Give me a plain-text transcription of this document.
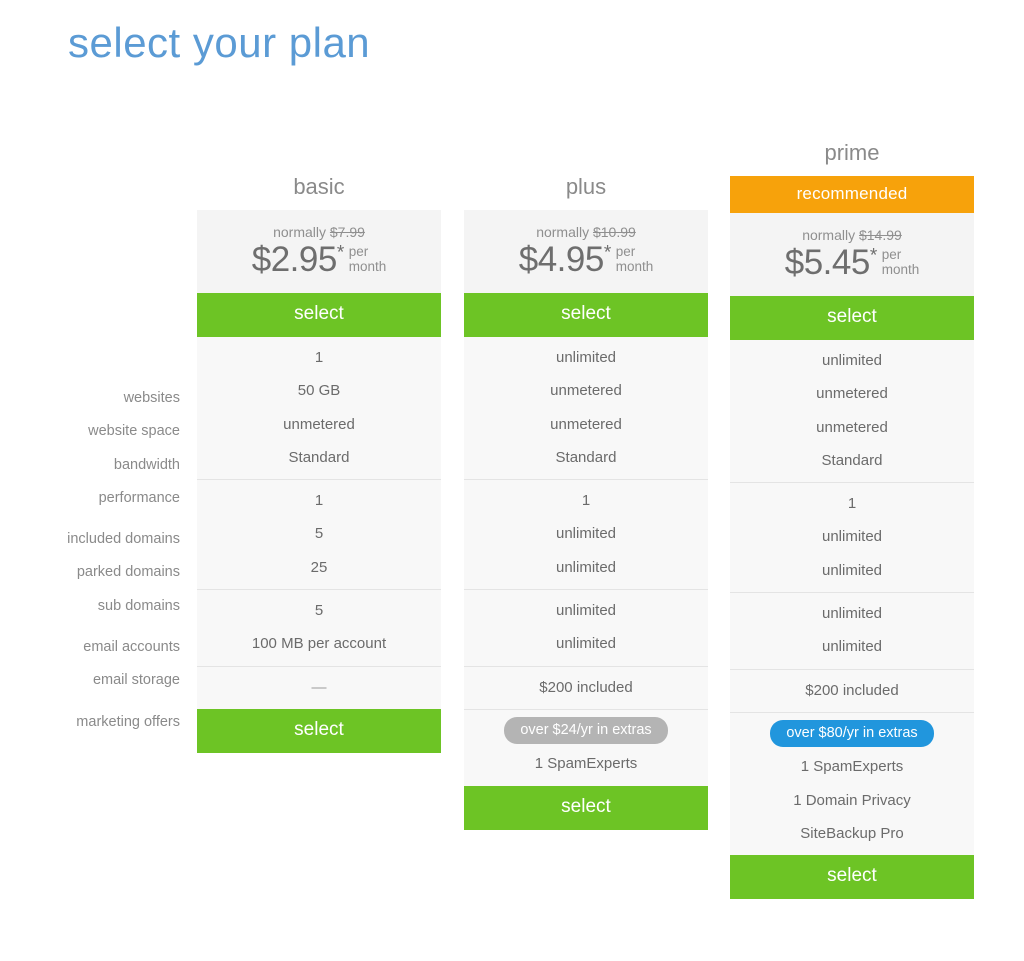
select your plan
websites
website space
bandwidth
performance
included domains
parked domains
sub domains
email accounts
email storage
marketing offers
basic
normally $7.99
$2.95* per
month
select
1
50 GB
unmetered
Standard
1
5
25
5
100 MB per account
—
select
plus
normally $10.99
$4.95* per
month
select
unlimited
unmetered
unmetered
Standard
1
unlimited
unlimited
unlimited
unlimited
$200 included
over $24/yr in extras
1 SpamExperts
select
prime
recommended
normally $14.99
$5.45* per
month
select
unlimited
unmetered
unmetered
Standard
1
unlimited
unlimited
unlimited
unlimited
$200 included
over $80/yr in extras
1 SpamExperts
1 Domain Privacy
SiteBackup Pro
select
